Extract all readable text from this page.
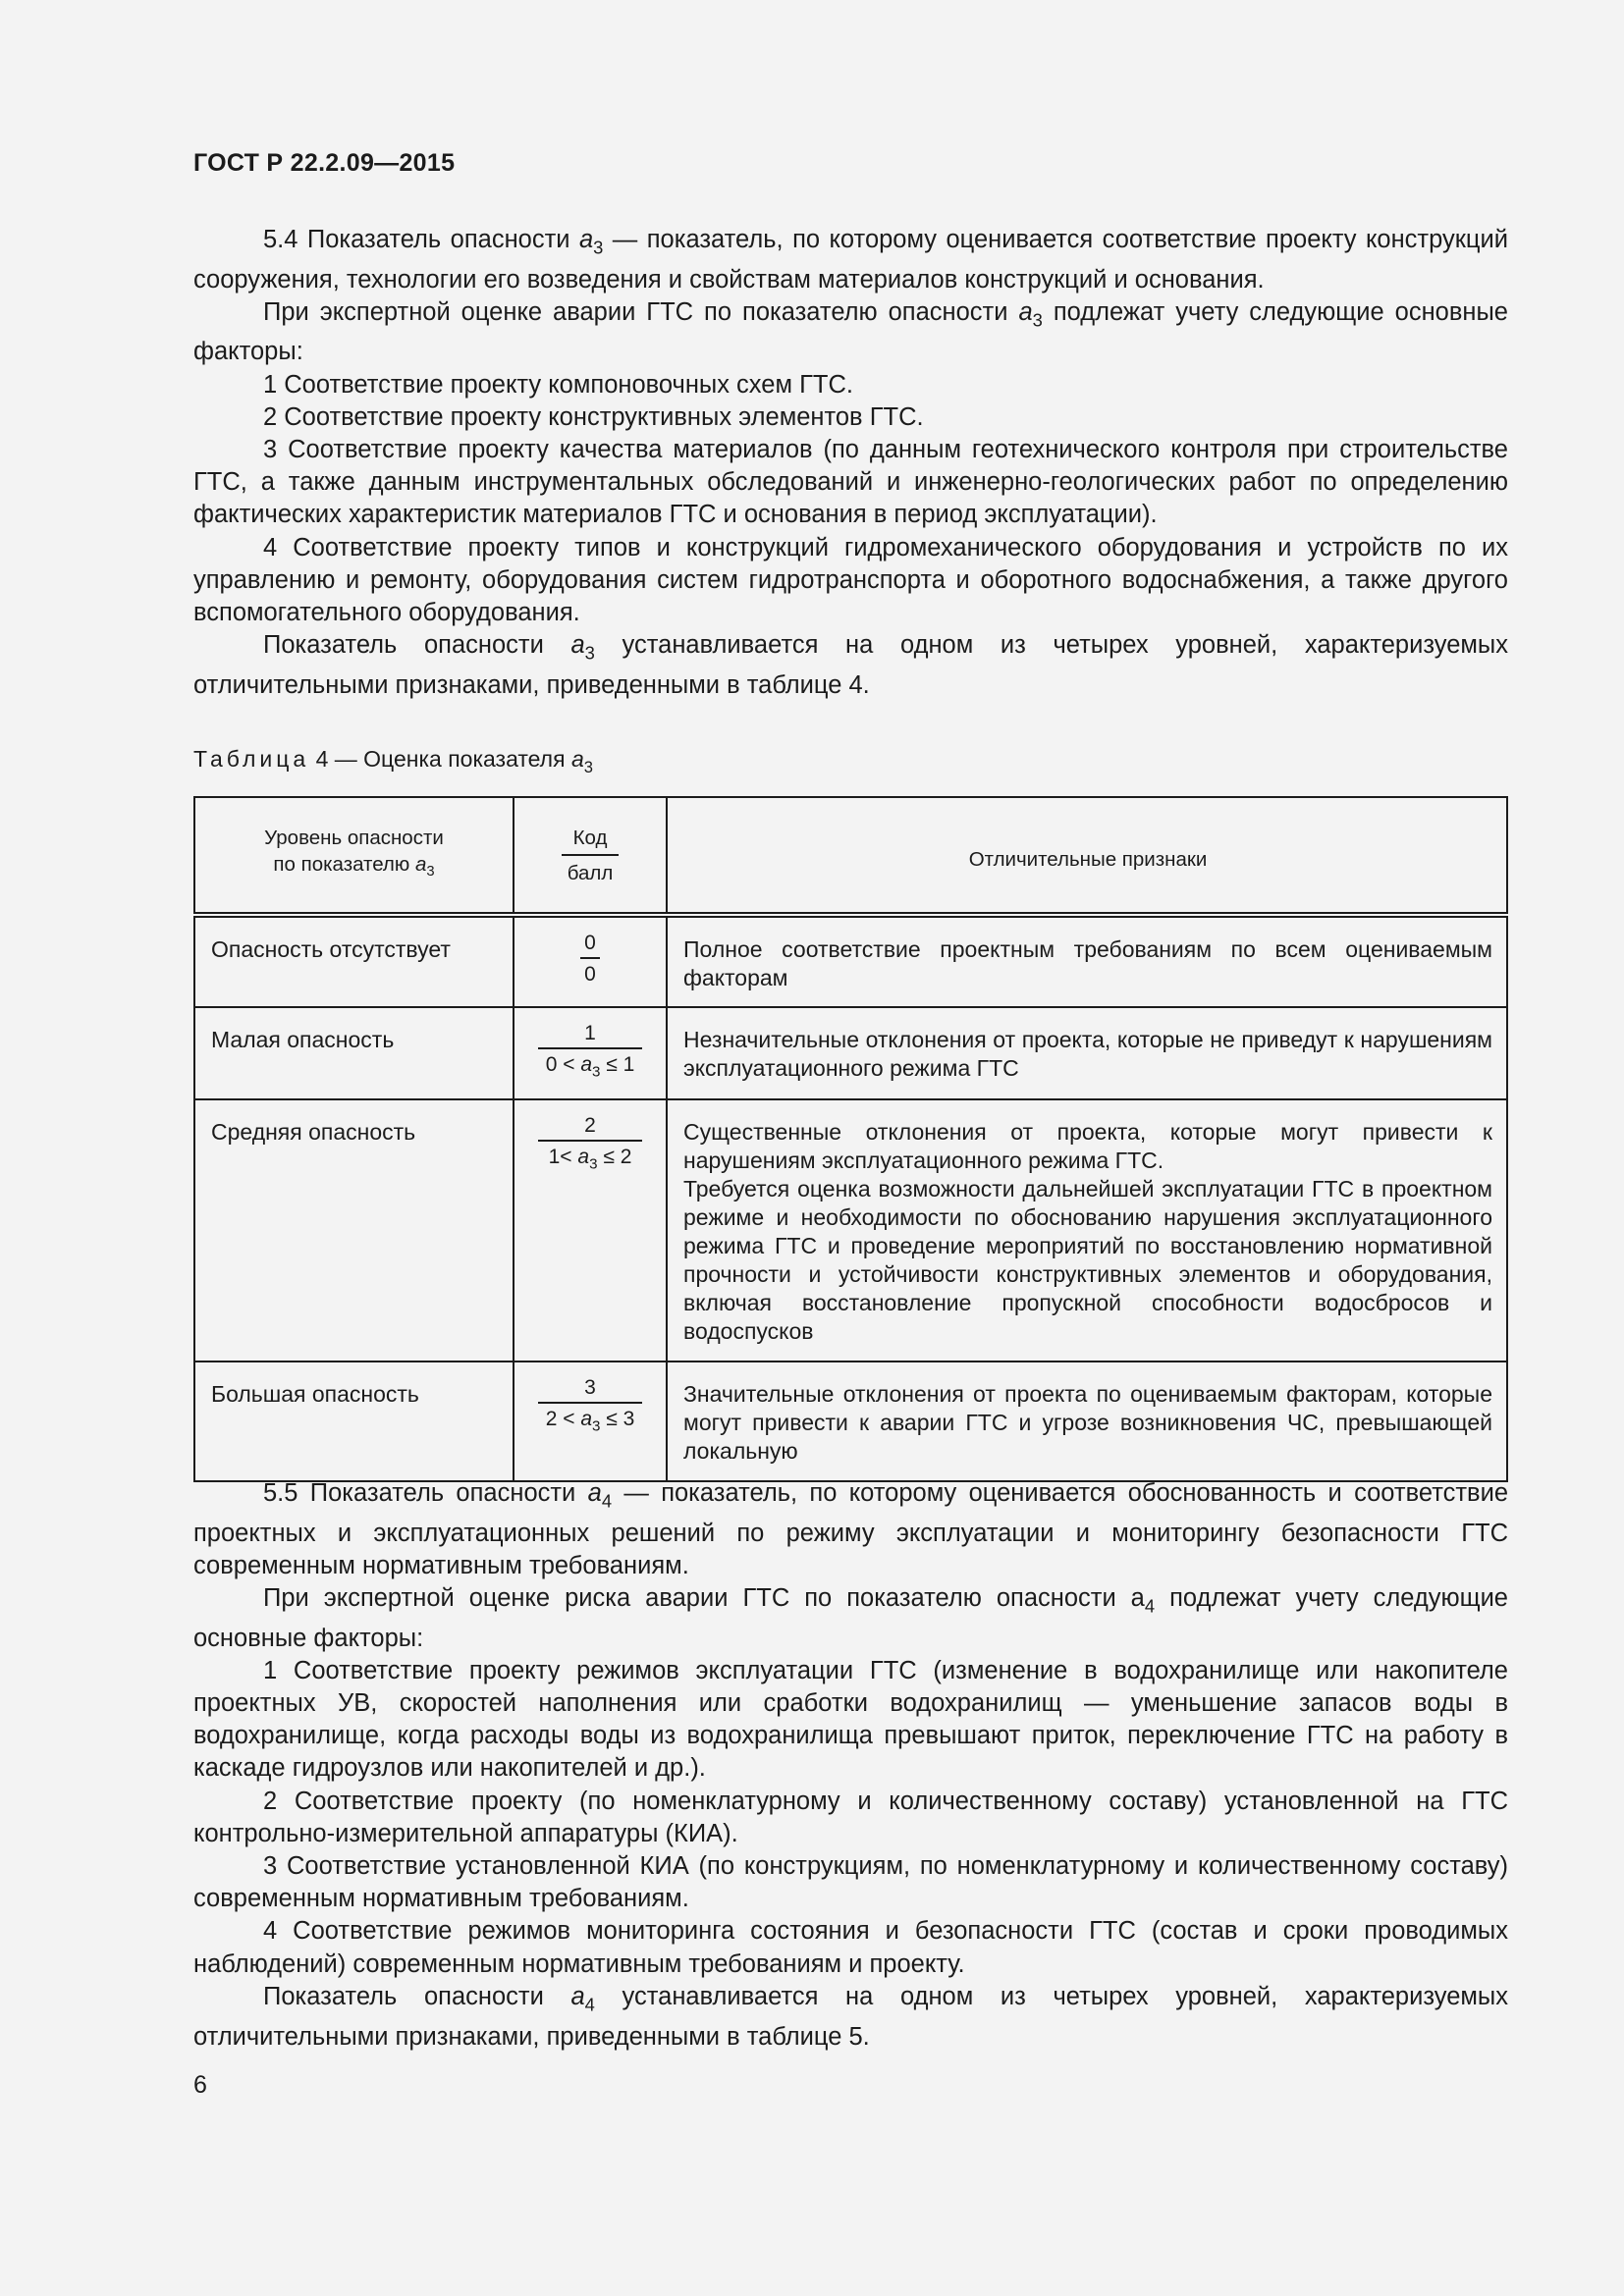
ГОСТ Р 22.2.09—2015

5.4 Показатель опасности $a_3$ — показатель, по которому оценивается соответствие проекту конструкций сооружения, технологии его возведения и свойствам материалов конструкций и основания.

При экспертной оценке аварии ГТС по показателю опасности $a_3$ подлежат учету следующие основные факторы:

1 Соответствие проекту компоновочных схем ГТС.

2 Соответствие проекту конструктивных элементов ГТС.

3 Соответствие проекту качества материалов (по данным геотехнического контроля при строительстве ГТС, а также данным инструментальных обследований и инженерно-геологических работ по определению фактических характеристик материалов ГТС и основания в период эксплуатации).

4 Соответствие проекту типов и конструкций гидромеханического оборудования и устройств по их управлению и ремонту, оборудования систем гидротранспорта и оборотного водоснабжения, а также другого вспомогательного оборудования.

Показатель опасности $a_3$ устанавливается на одном из четырех уровней, характеризуемых отличительными признаками, приведенными в таблице 4.

Таблица 4 — Оценка показателя $a_3$
Уровень опасности
по показателю $a_3$	$\frac{\text{Код}}{\text{балл}}$	Отличительные признаки
Опасность отсутствует	$\frac{0}{0}$	Полное соответствие проектным требованиям по всем оцениваемым факторам
Малая опасность	$\frac{1}{0 < a_3 \le 1}$	Незначительные отклонения от проекта, которые не приведут к нарушениям эксплуатационного режима ГТС
Средняя опасность	$\frac{2}{1< a_3 \le 2}$	Существенные отклонения от проекта, которые могут привести к нарушениям эксплуатационного режима ГТС.
Требуется оценка возможности дальнейшей эксплуатации ГТС в проектном режиме и необходимости по обоснованию нарушения эксплуатационного режима ГТС и проведение мероприятий по восстановлению нормативной прочности и устойчивости конструктивных элементов и оборудования, включая восстановление пропускной способности водосбросов и водоспусков
Большая опасность	$\frac{3}{2 < a_3 \le 3}$	Значительные отклонения от проекта по оцениваемым факторам, которые могут привести к аварии ГТС и угрозе возникновения ЧС, превышающей локальную

5.5 Показатель опасности $a_4$ — показатель, по которому оценивается обоснованность и соответствие проектных и эксплуатационных решений по режиму эксплуатации и мониторингу безопасности ГТС современным нормативным требованиям.

При экспертной оценке риска аварии ГТС по показателю опасности $а_4$ подлежат учету следующие основные факторы:

1 Соответствие проекту режимов эксплуатации ГТС (изменение в водохранилище или накопителе проектных УВ, скоростей наполнения или сработки водохранилищ — уменьшение запасов воды в водохранилище, когда расходы воды из водохранилища превышают приток, переключение ГТС на работу в каскаде гидроузлов или накопителей и др.).

2 Соответствие проекту (по номенклатурному и количественному составу) установленной на ГТС контрольно-измерительной аппаратуры (КИА).

3 Соответствие установленной КИА (по конструкциям, по номенклатурному и количественному составу) современным нормативным требованиям.

4 Соответствие режимов мониторинга состояния и безопасности ГТС (состав и сроки проводимых наблюдений) современным нормативным требованиям и проекту.

Показатель опасности $a_4$ устанавливается на одном из четырех уровней, характеризуемых отличительными признаками, приведенными в таблице 5.

6
